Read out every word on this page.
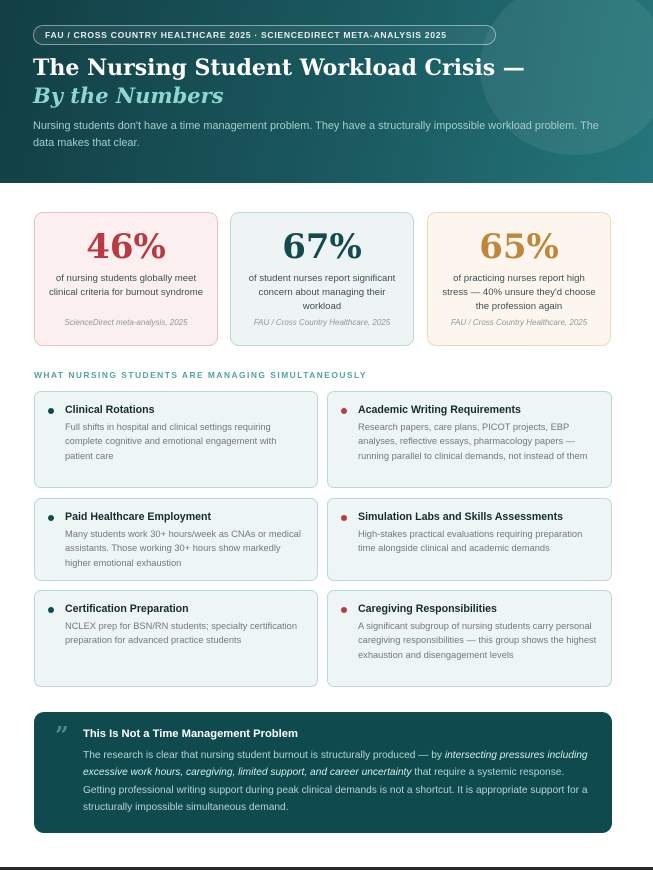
FAU / CROSS COUNTRY HEALTHCARE 2025 · SCIENCEDIRECT META-ANALYSIS 2025
The Nursing Student Workload Crisis —
By the Numbers
Nursing students don't have a time management problem. They have a structurally impossible workload problem. The data makes that clear.
46%
of nursing students globally meet clinical criteria for burnout syndrome
ScienceDirect meta-analysis, 2025
67%
of student nurses report significant concern about managing their workload
FAU / Cross Country Healthcare, 2025
65%
of practicing nurses report high stress — 40% unsure they'd choose the profession again
FAU / Cross Country Healthcare, 2025
WHAT NURSING STUDENTS ARE MANAGING SIMULTANEOUSLY
Clinical Rotations
Full shifts in hospital and clinical settings requiring complete cognitive and emotional engagement with patient care
Academic Writing Requirements
Research papers, care plans, PICOT projects, EBP analyses, reflective essays, pharmacology papers — running parallel to clinical demands, not instead of them
Paid Healthcare Employment
Many students work 30+ hours/week as CNAs or medical assistants. Those working 30+ hours show markedly higher emotional exhaustion
Simulation Labs and Skills Assessments
High-stakes practical evaluations requiring preparation time alongside clinical and academic demands
Certification Preparation
NCLEX prep for BSN/RN students; specialty certification preparation for advanced practice students
Caregiving Responsibilities
A significant subgroup of nursing students carry personal caregiving responsibilities — this group shows the highest exhaustion and disengagement levels
” This Is Not a Time Management Problem
The research is clear that nursing student burnout is structurally produced — by intersecting pressures including excessive work hours, caregiving, limited support, and career uncertainty that require a systemic response. Getting professional writing support during peak clinical demands is not a shortcut. It is appropriate support for a structurally impossible simultaneous demand.
